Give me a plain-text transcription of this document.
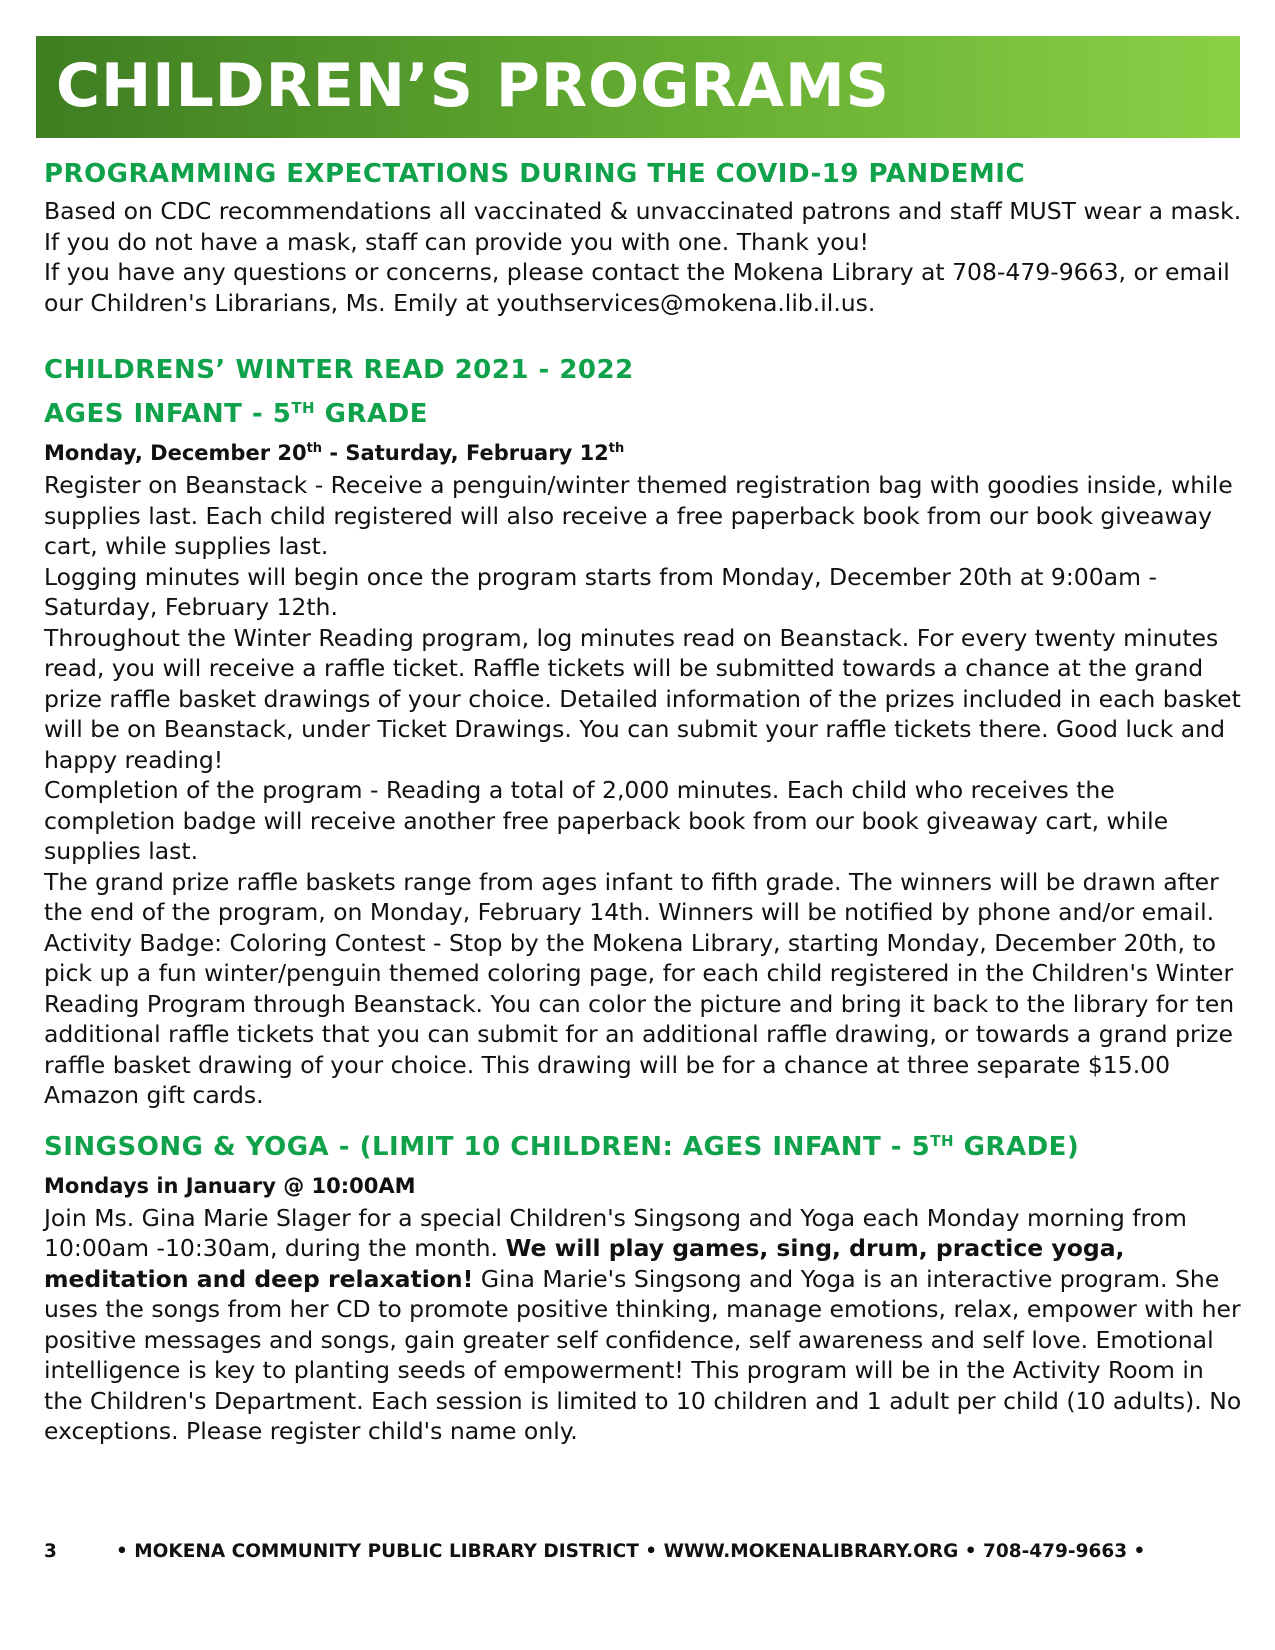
CHILDREN’S PROGRAMS
PROGRAMMING EXPECTATIONS DURING THE COVID-19 PANDEMIC

Based on CDC recommendations all vaccinated & unvaccinated patrons and staff MUST wear a mask. If you do not have a mask, staff can provide you with one. Thank you!

If you have any questions or concerns, please contact the Mokena Library at 708-479-9663, or email our Children's Librarians, Ms. Emily at youthservices@mokena.lib.il.us.

CHILDRENS’ WINTER READ 2021 - 2022
AGES INFANT - 5TH GRADE
Monday, December 20th - Saturday, February 12th

Register on Beanstack - Receive a penguin/winter themed registration bag with goodies inside, while supplies last. Each child registered will also receive a free paperback book from our book giveaway cart, while supplies last.

Logging minutes will begin once the program starts from Monday, December 20th at 9:00am - Saturday, February 12th.

Throughout the Winter Reading program, log minutes read on Beanstack. For every twenty minutes read, you will receive a raffle ticket. Raffle tickets will be submitted towards a chance at the grand prize raffle basket drawings of your choice. Detailed information of the prizes included in each basket will be on Beanstack, under Ticket Drawings. You can submit your raffle tickets there. Good luck and happy reading!

Completion of the program - Reading a total of 2,000 minutes. Each child who receives the completion badge will receive another free paperback book from our book giveaway cart, while supplies last.

The grand prize raffle baskets range from ages infant to fifth grade. The winners will be drawn after the end of the program, on Monday, February 14th. Winners will be notified by phone and/or email.

Activity Badge: Coloring Contest - Stop by the Mokena Library, starting Monday, December 20th, to pick up a fun winter/penguin themed coloring page, for each child registered in the Children's Winter Reading Program through Beanstack. You can color the picture and bring it back to the library for ten additional raffle tickets that you can submit for an additional raffle drawing, or towards a grand prize raffle basket drawing of your choice. This drawing will be for a chance at three separate $15.00 Amazon gift cards.

SINGSONG & YOGA - (LIMIT 10 CHILDREN: AGES INFANT - 5TH GRADE)
Mondays in January @ 10:00AM

Join Ms. Gina Marie Slager for a special Children's Singsong and Yoga each Monday morning from 10:00am -10:30am, during the month. We will play games, sing, drum, practice yoga, meditation and deep relaxation! Gina Marie's Singsong and Yoga is an interactive program. She uses the songs from her CD to promote positive thinking, manage emotions, relax, empower with her positive messages and songs, gain greater self confidence, self awareness and self love. Emotional intelligence is key to planting seeds of empowerment! This program will be in the Activity Room in the Children's Department. Each session is limited to 10 children and 1 adult per child (10 adults). No exceptions. Please register child's name only.

3	• MOKENA COMMUNITY PUBLIC LIBRARY DISTRICT • WWW.MOKENALIBRARY.ORG • 708-479-9663 •
